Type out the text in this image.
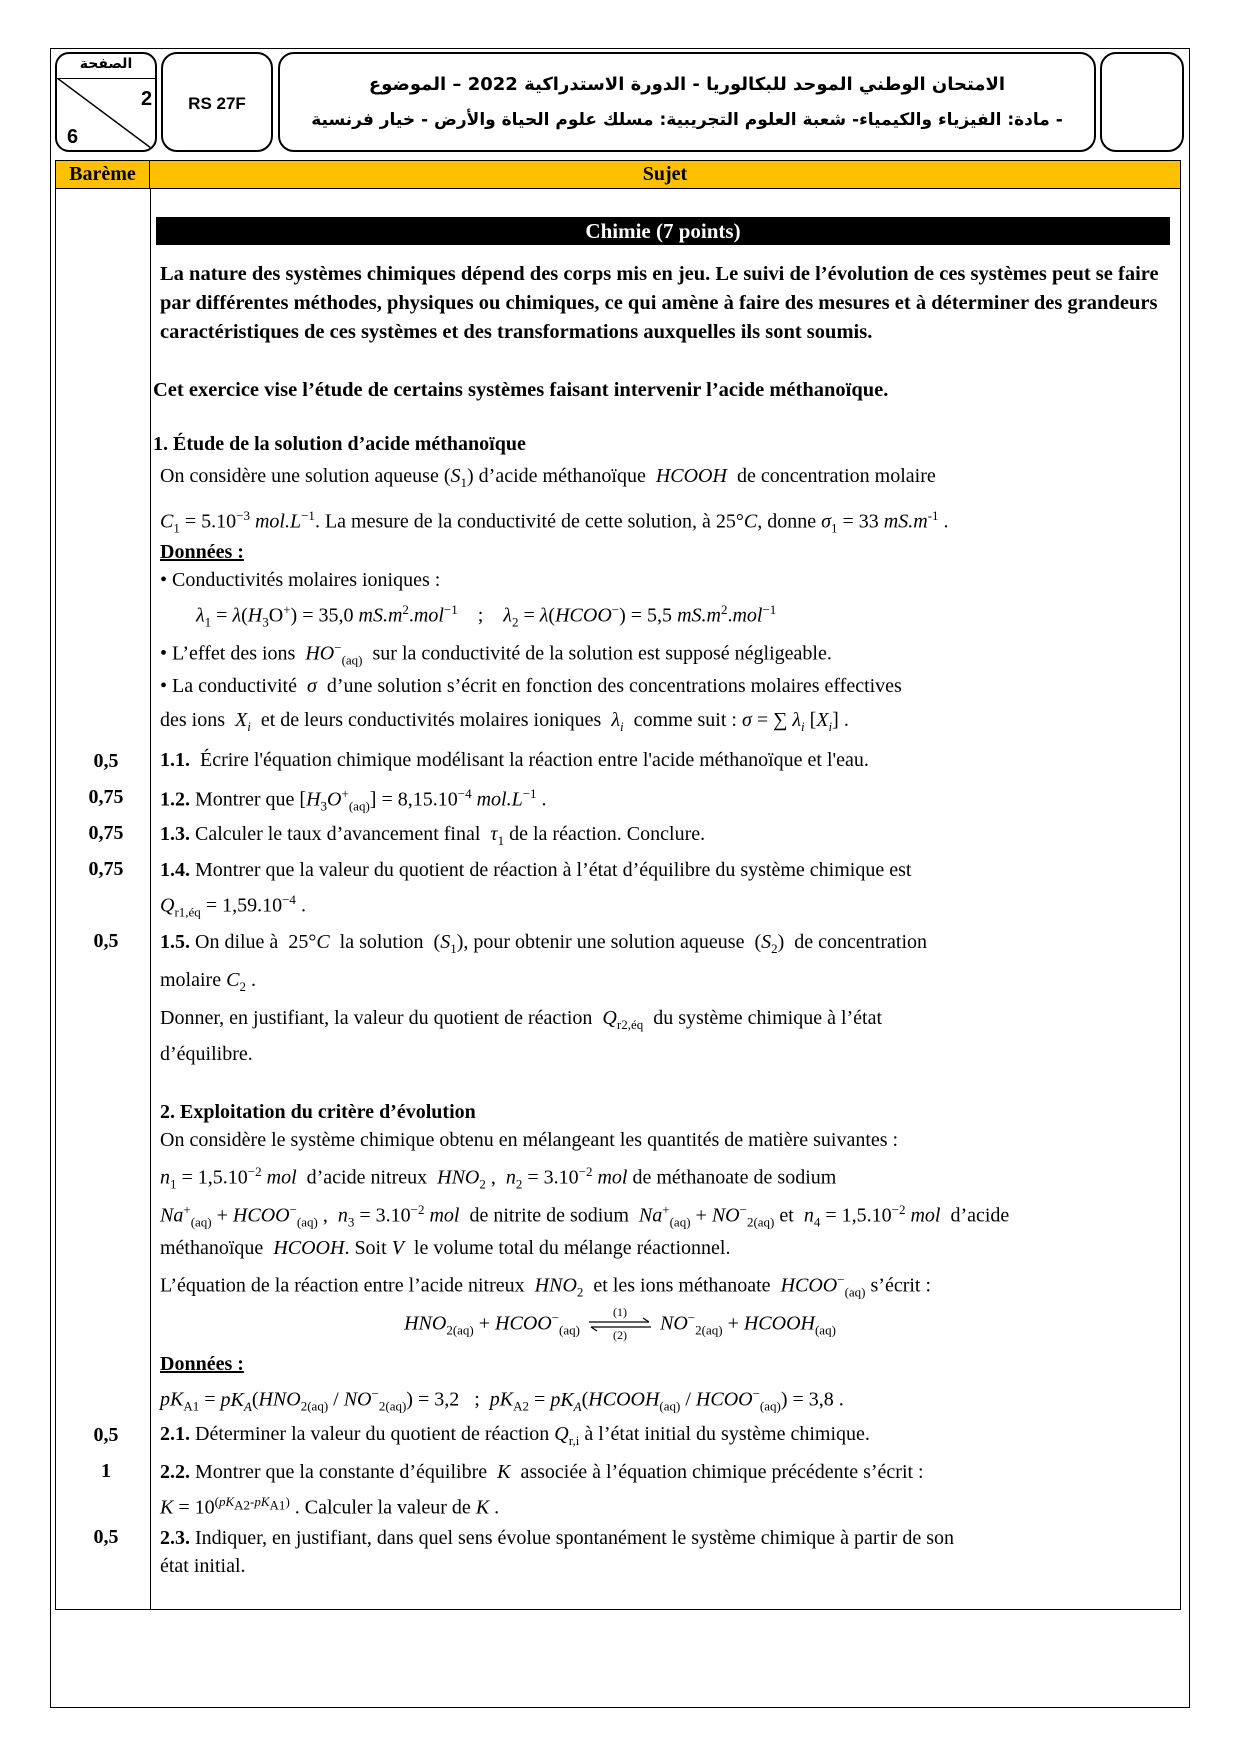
الصفحة
2
6
RS 27F
الامتحان الوطني الموحد للبكالوريا - الدورة الاستدراكية 2022 – الموضوع
- مادة: الفيزياء والكيمياء- شعبة العلوم التجريبية: مسلك علوم الحياة والأرض - خيار فرنسية
Barème	Sujet
Chimie (7 points)
La nature des systèmes chimiques dépend des corps mis en jeu. Le suivi de l’évolution de ces systèmes peut se faire par différentes méthodes, physiques ou chimiques, ce qui amène à faire des mesures et à déterminer des grandeurs caractéristiques de ces systèmes et des transformations auxquelles ils sont soumis.
Cet exercice vise l’étude de certains systèmes faisant intervenir l’acide méthanoïque.
1. Étude de la solution d’acide méthanoïque
On considère une solution aqueuse $(S_1)$ d’acide méthanoïque HCOOH de concentration molaire
$C_1 = 5.10^{-3}$ $mol.L^{-1}$. La mesure de la conductivité de cette solution, à 25°C, donne $\sigma_1 = 33$ $mS.m^{-1}$ .
Données :
• Conductivités molaires ioniques :
$\lambda_1 = \lambda(H_3O^+) = 35,0$ $mS.m^2.mol^{-1}$    ;    $\lambda_2$ = λ(HCOO−) = 5,5 $mS.m^2.mol^{-1}$
• L’effet des ions $HO^-_{(aq)}$ sur la conductivité de la solution est supposé négligeable.
• La conductivité σ d’une solution s’écrit en fonction des concentrations molaires effectives
des ions $X_i$ et de leurs conductivités molaires ioniques $\lambda_i$ comme suit : σ = ∑ $\lambda_i$ $[X_i]$ .
1.1. Écrire l'équation chimique modélisant la réaction entre l'acide méthanoïque et l'eau.
1.2. Montrer que $[H_3O^+_{(aq)}] = 8,15.10^{-4}$ $mol.L^{-1}$ .
1.3. Calculer le taux d’avancement final $\tau_1$ de la réaction. Conclure.
1.4. Montrer que la valeur du quotient de réaction à l’état d’équilibre du système chimique est
$Q_{r1,éq} = 1,59.10^{-4}$ .
1.5. On dilue à  25°C la solution  $(S_1)$, pour obtenir une solution aqueuse  $(S_2)$  de concentration
molaire $C_2$ .
Donner, en justifiant, la valeur du quotient de réaction $Q_{r2,éq}$ du système chimique à l’état
d’équilibre.
2. Exploitation du critère d’évolution
On considère le système chimique obtenu en mélangeant les quantités de matière suivantes :
$n_1 = 1,5.10^{-2}$ mol d’acide nitreux $HNO_2$ ,  $n_2 = 3.10^{-2}$ mol de méthanoate de sodium
$Na^+_{(aq)}$ + $HCOO^-_{(aq)}$ ,  $n_3 = 3.10^{-2}$ mol de nitrite de sodium $Na^+_{(aq)} + NO^-_{2(aq)}$ et $n_4 = 1,5.10^{-2}$ mol d’acide
méthanoïque HCOOH. Soit V le volume total du mélange réactionnel.
L’équation de la réaction entre l’acide nitreux $HNO_2$ et les ions méthanoate $HCOO^-_{(aq)}$ s’écrit :
$HNO_{2(aq)}$ + $HCOO^-_{(aq)}$
(1)
(2)
$NO^-_{2(aq)}$ + $HCOOH_{(aq)}$
Données :
$pK_{A1} = pK_A(HNO_{2(aq)} / NO^-_{2(aq)}) = 3,2$   ;  $pK_{A2}$ = $pK_A(HCOOH_{(aq)}$ / $HCOO^-_{(aq)}) = 3,8$ .
2.1. Déterminer la valeur du quotient de réaction $Q_{r,i}$ à l’état initial du système chimique.
2.2. Montrer que la constante d’équilibre K associée à l’équation chimique précédente s’écrit :
$K = 10^{(pK_{A2}-pK_{A1})}$ . Calculer la valeur de K .
2.3. Indiquer, en justifiant, dans quel sens évolue spontanément le système chimique à partir de son
état initial.
0,5
0,75
0,75
0,75
0,5
0,5
1
0,5
